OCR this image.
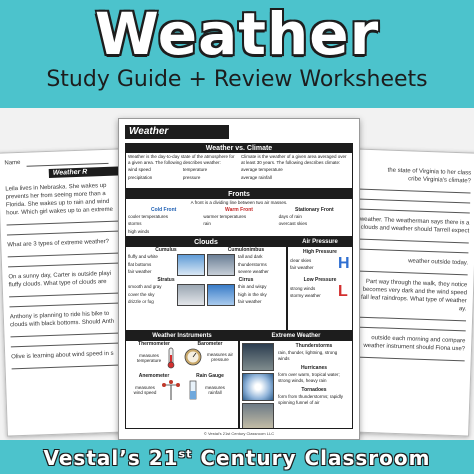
Weather
Study Guide + Review Worksheets
Name
Weather R
Leila lives in Nebraska. She wakes up
prevents her from seeing more than a
Florida. She wakes up to rain and wind
hour. Which girl wakes up to an extreme
What are 3 types of extreme weather?
On a sunny day, Carter is outside playi
fluffy clouds. What type of clouds are
Anthony is planning to ride his bike to
clouds with black bottoms. Should Anth
Olive is learning about wind speed in s
the state of Virginia to her class
cribe Virginia's climate?
weather. The weatherman says there is a
clouds and weather should Tarrell expect
weather outside today.
Part way through the walk, they notice
becomes very dark and the wind speed
fall leaf raindrops. What type of weather
ay.
outside each morning and compare
weather instrument should Fiona use?
Weather
Weather vs. Climate
Weather is the day-to-day state of the atmosphere for a given area. The following describes weather:
wind speed	temperature
precipitation	pressure
Climate is the weather of a given area averaged over at least 30 years. The following describes climate:
average temperature
average rainfall
Fronts
A front is a dividing line between two air masses.
Cold Front
cooler temperatures
storms
high winds
Warm Front
warmer temperatures
rain
Stationary Front
days of rain
overcast skies
Clouds
Cumulus
fluffy and white
flat bottoms
fair weather
Cumulonimbus
tall and dark
thunderstorms
severe weather
Stratus
smooth and gray
cover the sky
drizzle or fog
Cirrus
thin and wispy
high in the sky
fair weather
Air Pressure
High Pressure
clear skies
fair weather	H
Low Pressure
strong winds
stormy weather	L
Weather Instruments
Thermometer
measures temperature
Barometer
measures air pressure
Anemometer
measures wind speed
Rain Gauge
measures rainfall
Extreme Weather
Thunderstorms
rain, thunder, lightning, strong winds
Hurricanes
form over warm, tropical water; strong winds, heavy rain
Tornadoes
form from thunderstorms; rapidly spinning funnel of air
© Vestal's 21st Century Classroom LLC
Vestal’s 21st Century Classroom
